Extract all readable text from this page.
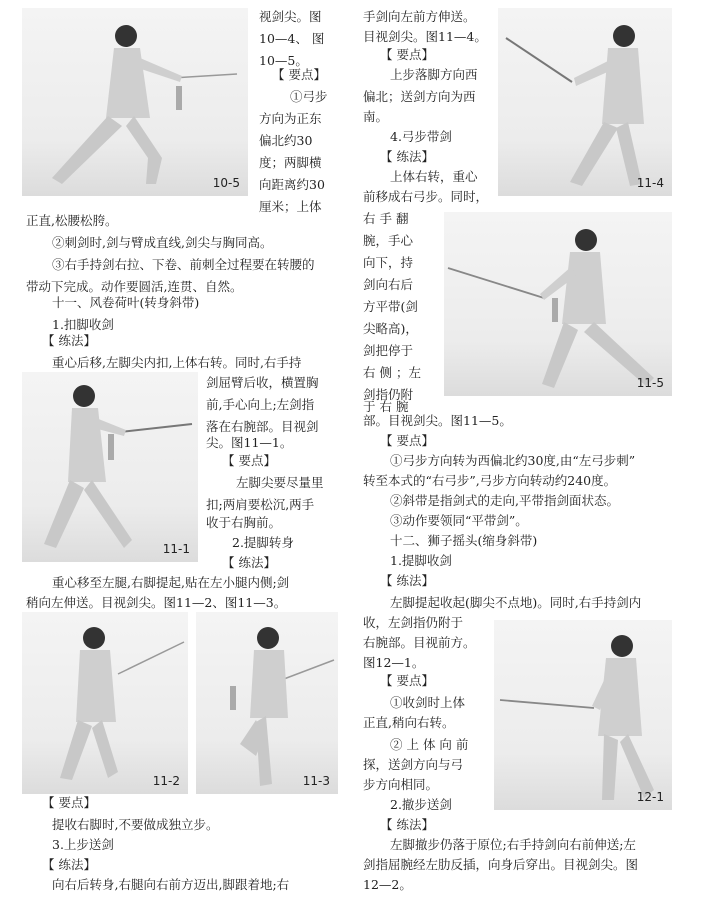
10-5
11-1
11-2	11-3
11-4
11-5
12-1
视剑尖。图
10—4、 图
10—5。
【 要点】
①弓步
方向为正东
偏北约30
度；两脚横
向距离约30
厘米；上体
正直,松腰松胯。
②刺剑时,剑与臂成直线,剑尖与胸同高。
③右手持剑右拉、下卷、前刺全过程要在转腰的
带动下完成。动作要圆活,连贯、自然。
十一、风卷荷叶(转身斜带)
1.扣脚收剑
【 练法】
重心后移,左脚尖内扣,上体右转。同时,右手持
剑屈臂后收，横置胸
前,手心向上;左剑指
落在右腕部。目视剑
尖。图11—1。
【 要点】
左脚尖要尽量里
扣;两肩要松沉,两手
收于右胸前。
2.提脚转身
【 练法】
重心移至左腿,右脚提起,贴在左小腿内侧;剑
稍向左伸送。目视剑尖。图11—2、图11—3。
【 要点】
提收右脚时,不要做成独立步。
3.上步送剑
【 练法】
向右后转身,右腿向右前方迈出,脚跟着地;右
手剑向左前方伸送。
目视剑尖。图11—4。
【 要点】
上步落脚方向西
偏北；送剑方向为西
南。
4.弓步带剑
【 练法】
上体右转，重心
前移成右弓步。同时，
右 手 翻
腕，手心
向下，持
剑向右后
方平带(剑
尖略高)，
剑把停于
右 侧 ；左
剑指仍附
于 右 腕
部。目视剑尖。图11—5。
【 要点】
①弓步方向转为西偏北约30度,由“左弓步刺”
转至本式的“右弓步”,弓步方向转动约240度。
②斜带是指剑式的走向,平带指剑面状态。
③动作要领同“平带剑”。
十二、狮子摇头(缩身斜带)
1.提脚收剑
【 练法】
左脚提起收起(脚尖不点地)。同时,右手持剑内
收，左剑指仍附于
右腕部。目视前方。
图12—1。
【 要点】
①收剑时上体
正直,稍向右转。
② 上 体 向 前
探，送剑方向与弓
步方向相同。
2.撤步送剑
【 练法】
左脚撤步仍落于原位;右手持剑向右前伸送;左
剑指屈腕经左肋反插，向身后穿出。目视剑尖。图
12—2。
